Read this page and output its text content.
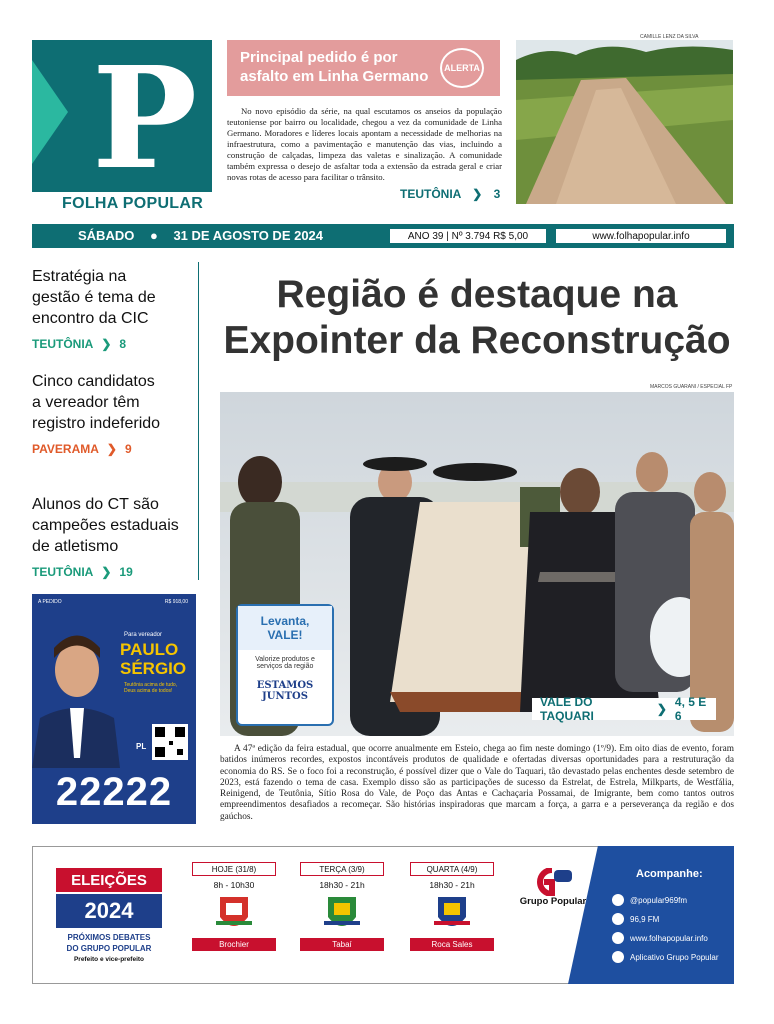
P
FOLHA POPULAR
Principal pedido é por asfalto em Linha Germano	ALERTA
No novo episódio da série, na qual escutamos os anseios da população teutoniense por bairro ou localidade, chegou a vez da comunidade de Linha Germano. Moradores e líderes locais apontam a necessidade de melhorias na infraestrutura, como a pavimentação e manutenção das vias, incluindo a construção de calçadas, limpeza das valetas e sinalização. A comunidade também expressa o desejo de asfaltar toda a extensão da estrada geral e criar novas rotas de acesso para facilitar o trânsito.
TEUTÔNIA ❯ 3
CAMILLE LENZ DA SILVA
SÁBADO ● 31 DE AGOSTO DE 2024	ANO 39 | Nº 3.794 R$ 5,00	www.folhapopular.info
Estratégia na gestão é tema de encontro da CIC
TEUTÔNIA ❯ 8
Cinco candidatos a vereador têm registro indeferido
PAVERAMA ❯ 9
Alunos do CT são campeões estaduais de atletismo
TEUTÔNIA ❯ 19
Região é destaque na Expointer da Reconstrução
MARCOS GUARANI / ESPECIAL FP
Levanta, VALE!
Valorize produtos e serviços da região
ESTAMOS JUNTOS	VALE DO TAQUARI	❯ 4, 5 E 6
A 47ª edição da feira estadual, que ocorre anualmente em Esteio, chega ao fim neste domingo (1º/9). Em oito dias de evento, foram batidos inúmeros recordes, expostos incontáveis produtos de qualidade e ofertadas diversas oportunidades para a restruturação da economia do RS. Se o foco foi a reconstrução, é possível dizer que o Vale do Taquari, tão devastado pelas enchentes desde setembro de 2023, está fazendo o tema de casa. Exemplo disso são as participações de sucesso da Estrelat, de Estrela, Milkparts, de Westfália, Reinigend, de Teutônia, Sítio Rosa do Vale, de Poço das Antas e Cachaçaria Possamai, de Imigrante, bem como tantos outros empreendimentos desafiados a recomeçar. São histórias inspiradoras que marcam a força, a garra e a perseverança da região e dos gaúchos.
A PEDIDO	R$ 918,00
Para vereador
PAULO
SÉRGIO
Teutônia acima de tudo, Deus acima de todos!
PL
22222
ELEIÇÕES
2024
PRÓXIMOS DEBATES
DO GRUPO POPULAR
Prefeito e vice-prefeito
HOJE (31/8)
8h - 10h30
Brochier
TERÇA (3/9)
18h30 - 21h
Tabaí
QUARTA (4/9)
18h30 - 21h
Roca Sales
Grupo Popular
Acompanhe:
@popular969fm
96,9 FM
www.folhapopular.info
Aplicativo Grupo Popular
